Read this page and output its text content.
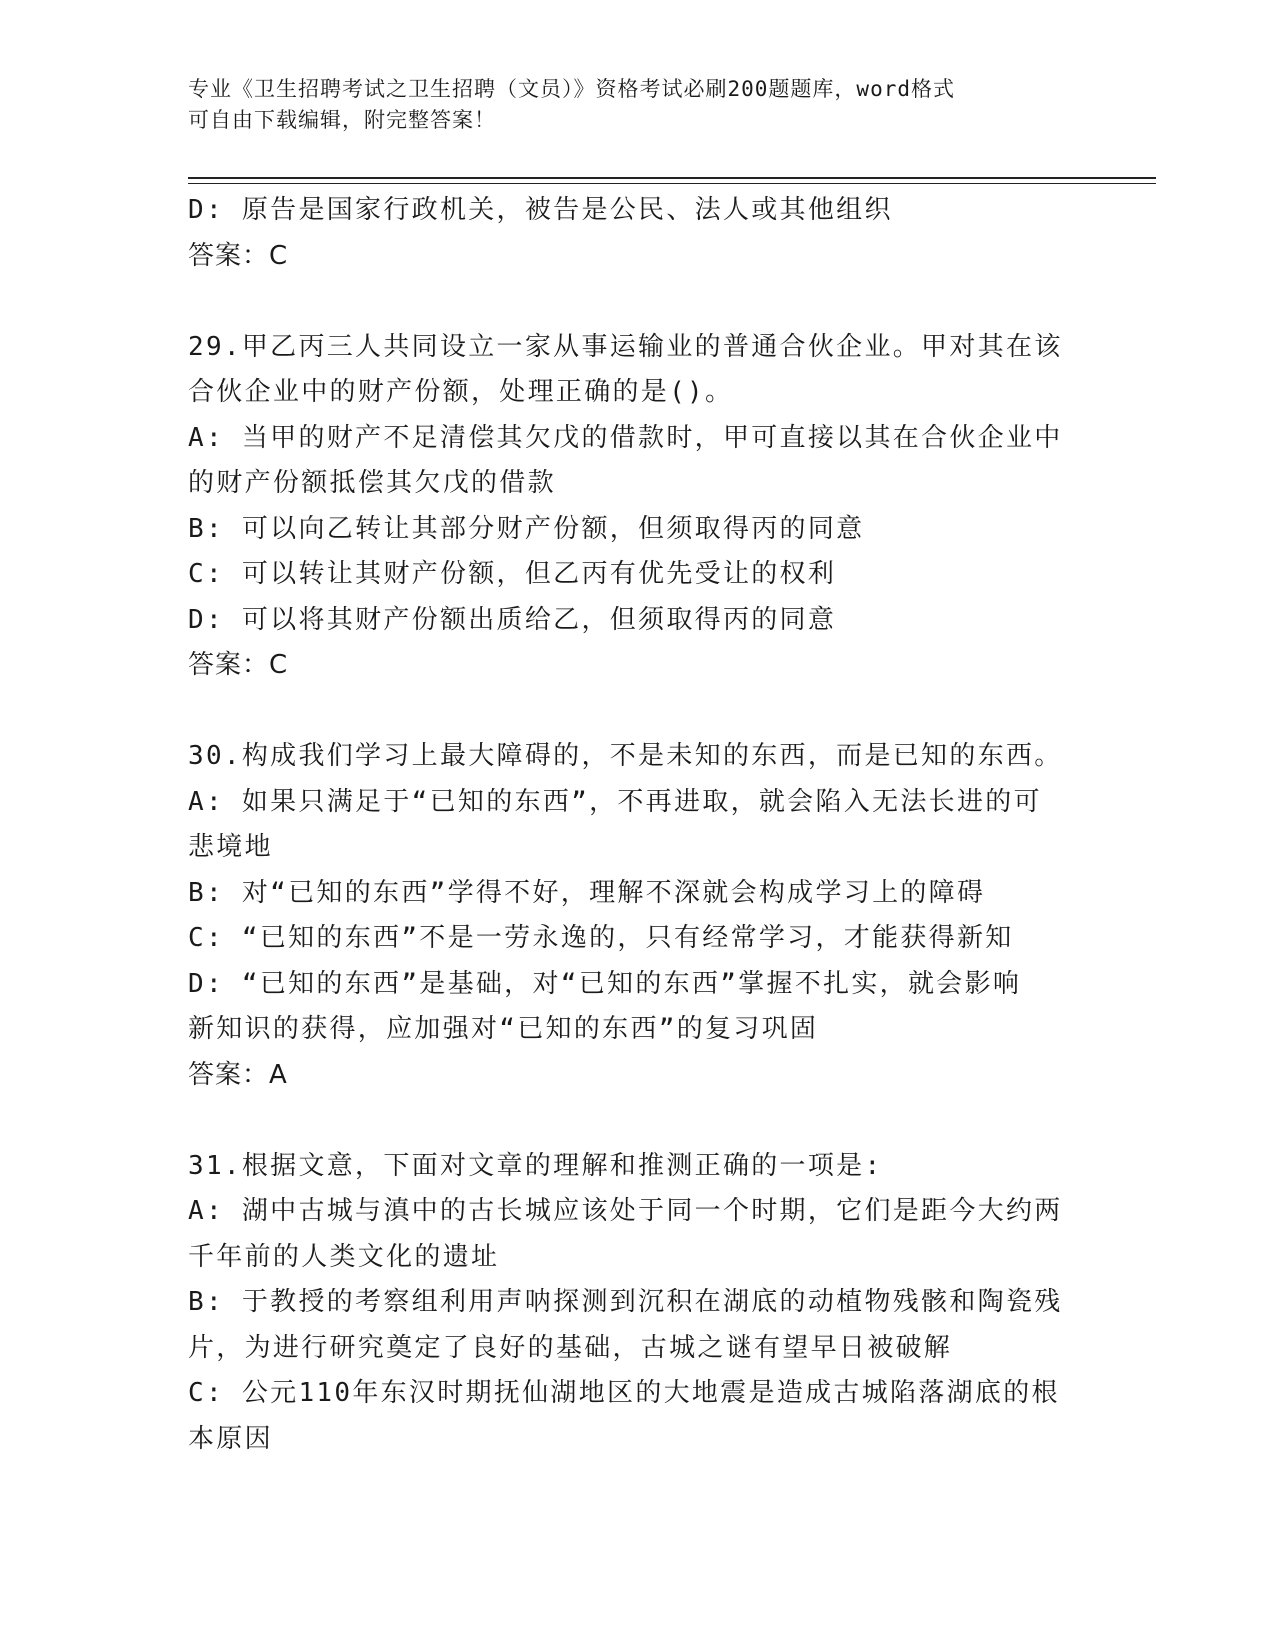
专业《卫生招聘考试之卫生招聘（文员）》资格考试必刷200题题库，word格式
可自由下载编辑，附完整答案！
D: 原告是国家行政机关，被告是公民、法人或其他组织
答案：C
29.甲乙丙三人共同设立一家从事运输业的普通合伙企业。甲对其在该
合伙企业中的财产份额，处理正确的是()。
A: 当甲的财产不足清偿其欠戊的借款时，甲可直接以其在合伙企业中
的财产份额抵偿其欠戊的借款
B: 可以向乙转让其部分财产份额，但须取得丙的同意
C: 可以转让其财产份额，但乙丙有优先受让的权利
D: 可以将其财产份额出质给乙，但须取得丙的同意
答案：C
30.构成我们学习上最大障碍的，不是未知的东西，而是已知的东西。
A: 如果只满足于“已知的东西”，不再进取，就会陷入无法长进的可
悲境地
B: 对“已知的东西”学得不好，理解不深就会构成学习上的障碍
C: “已知的东西”不是一劳永逸的，只有经常学习，才能获得新知
D: “已知的东西”是基础，对“已知的东西”掌握不扎实，就会影响
新知识的获得，应加强对“已知的东西”的复习巩固
答案：A
31.根据文意，下面对文章的理解和推测正确的一项是:
A: 湖中古城与滇中的古长城应该处于同一个时期，它们是距今大约两
千年前的人类文化的遗址
B: 于教授的考察组利用声呐探测到沉积在湖底的动植物残骸和陶瓷残
片，为进行研究奠定了良好的基础，古城之谜有望早日被破解
C: 公元110年东汉时期抚仙湖地区的大地震是造成古城陷落湖底的根
本原因
